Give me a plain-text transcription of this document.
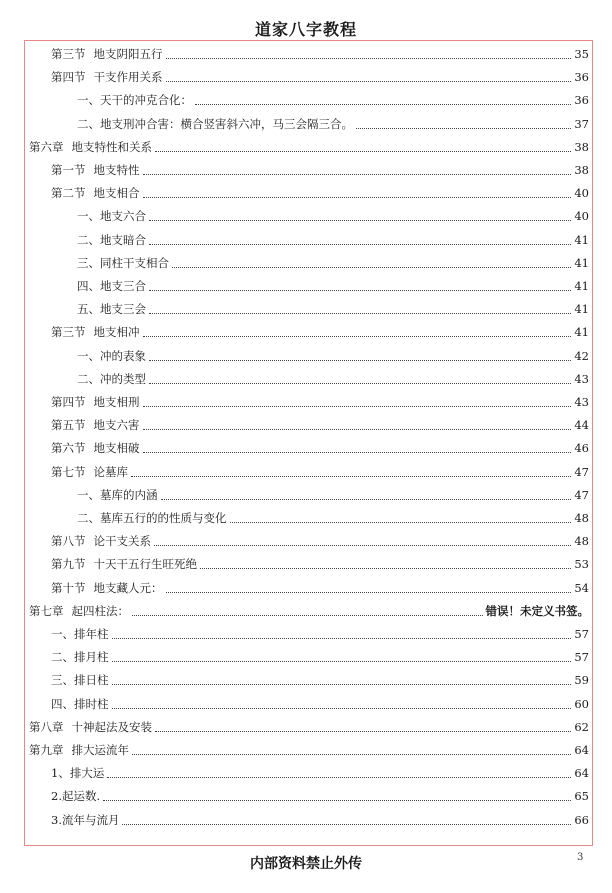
道家八字教程
第三节 地支阴阳五行	35
第四节 干支作用关系	36
一、天干的冲克合化：	36
二、地支刑冲合害：横合竖害斜六冲，马三会隔三合。	37
第六章 地支特性和关系	38
第一节 地支特性	38
第二节 地支相合	40
一、地支六合	40
二、地支暗合	41
三、同柱干支相合	41
四、地支三合	41
五、地支三会	41
第三节 地支相冲	41
一、冲的表象	42
二、冲的类型	43
第四节 地支相刑	43
第五节 地支六害	44
第六节 地支相破	46
第七节 论墓库	47
一、墓库的内涵	47
二、墓库五行的的性质与变化	48
第八节 论干支关系	48
第九节 十天干五行生旺死绝	53
第十节 地支藏人元：	54
第七章 起四柱法：	错误！未定义书签。
一、排年柱	57
二、排月柱	57
三、排日柱	59
四、排时柱	60
第八章 十神起法及安装	62
第九章 排大运流年	64
1、排大运	64
2.起运数.	65
3.流年与流月	66
内部资料禁止外传	3
